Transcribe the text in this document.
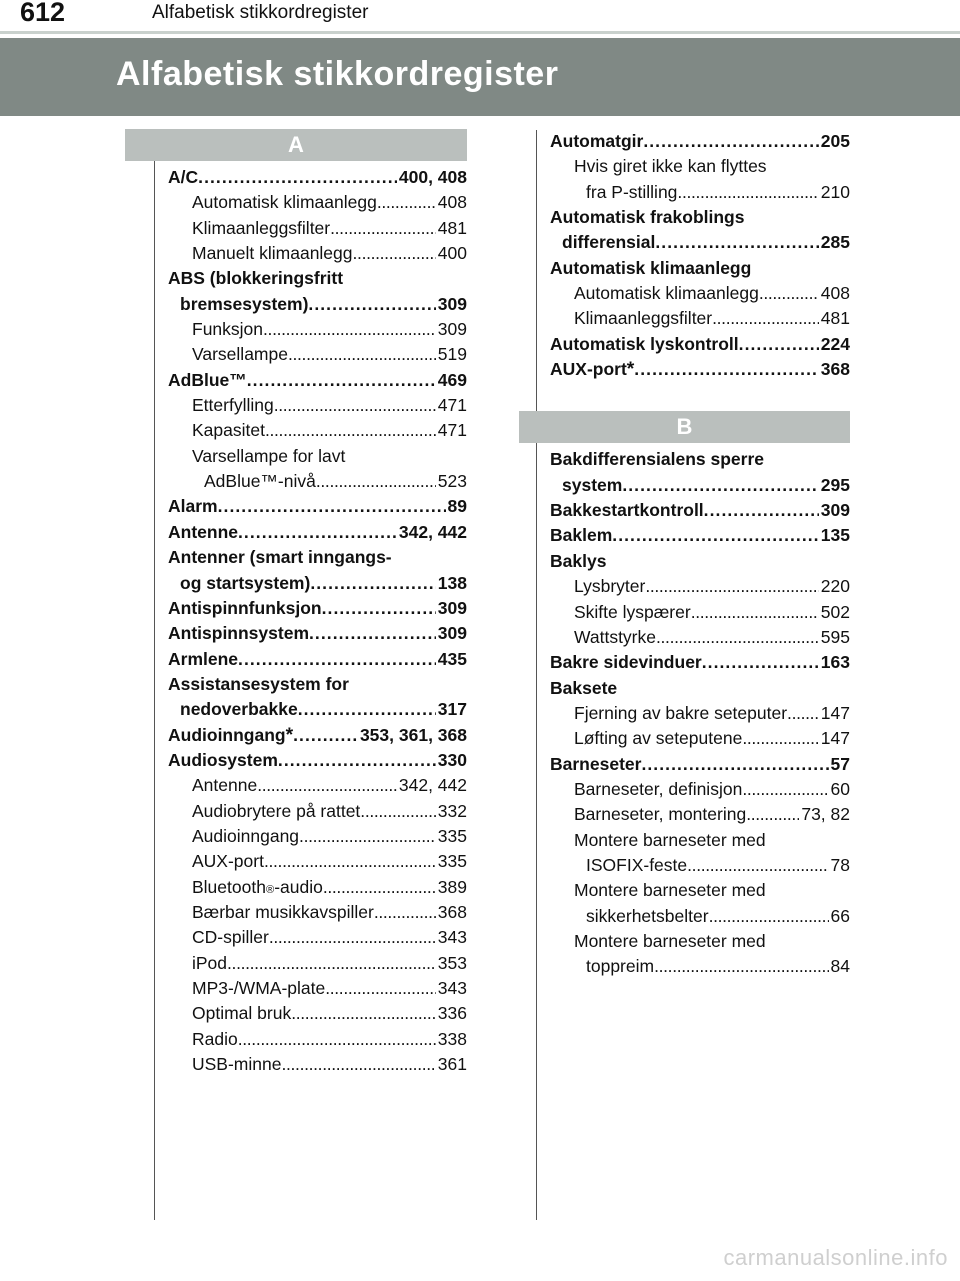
612	Alfabetisk stikkordregister
Alfabetisk stikkordregister
A
A/C . . .	400, 408
Automatisk klimaanlegg . . .	408
Klimaanleggsfilter . . .	481
Manuelt klimaanlegg . . .	400
ABS (blokkeringsfritt
bremsesystem) . . .	309
Funksjon . . .	309
Varsellampe . . .	519
AdBlue™ . . .	469
Etterfylling . . .	471
Kapasitet . . .	471
Varsellampe for lavt
AdBlue™-nivå . . .	523
Alarm . . .	89
Antenne . . .	342, 442
Antenner (smart inngangs-
og startsystem) . . .	138
Antispinnfunksjon . . .	309
Antispinnsystem . . .	309
Armlene . . .	435
Assistansesystem for
nedoverbakke . . .	317
Audioinngang * . . .	353, 361, 368
Audiosystem . . .	330
Antenne . . .	342, 442
Audiobrytere på rattet . . .	332
Audioinngang . . .	335
AUX-port . . .	335
Bluetooth ® -audio . . .	389
Bærbar musikkavspiller . . .	368
CD-spiller . . .	343
iPod . . .	353
MP3-/WMA-plate . . .	343
Optimal bruk . . .	336
Radio . . .	338
USB-minne . . .	361
Automatgir . . .	205
Hvis giret ikke kan flyttes
fra P-stilling . . .	210
Automatisk frakoblings
differensial . . .	285
Automatisk klimaanlegg
Automatisk klimaanlegg . . .	408
Klimaanleggsfilter . . .	481
Automatisk lyskontroll . . .	224
AUX-port * . . .	368
B
Bakdifferensialens sperre
system . . .	295
Bakkestartkontroll . . .	309
Baklem . . .	135
Baklys
Lysbryter . . .	220
Skifte lyspærer . . .	502
Wattstyrke . . .	595
Bakre sidevinduer . . .	163
Baksete
Fjerning av bakre seteputer . . . 147
Løfting av seteputene . . .	147
Barneseter . . .	57
Barneseter, definisjon . . .	60
Barneseter, montering . . .	73, 82
Montere barneseter med
ISOFIX-feste . . .	78
Montere barneseter med
sikkerhetsbelter . . .	66
Montere barneseter med
toppreim . . .	84
carmanualsonline.info
